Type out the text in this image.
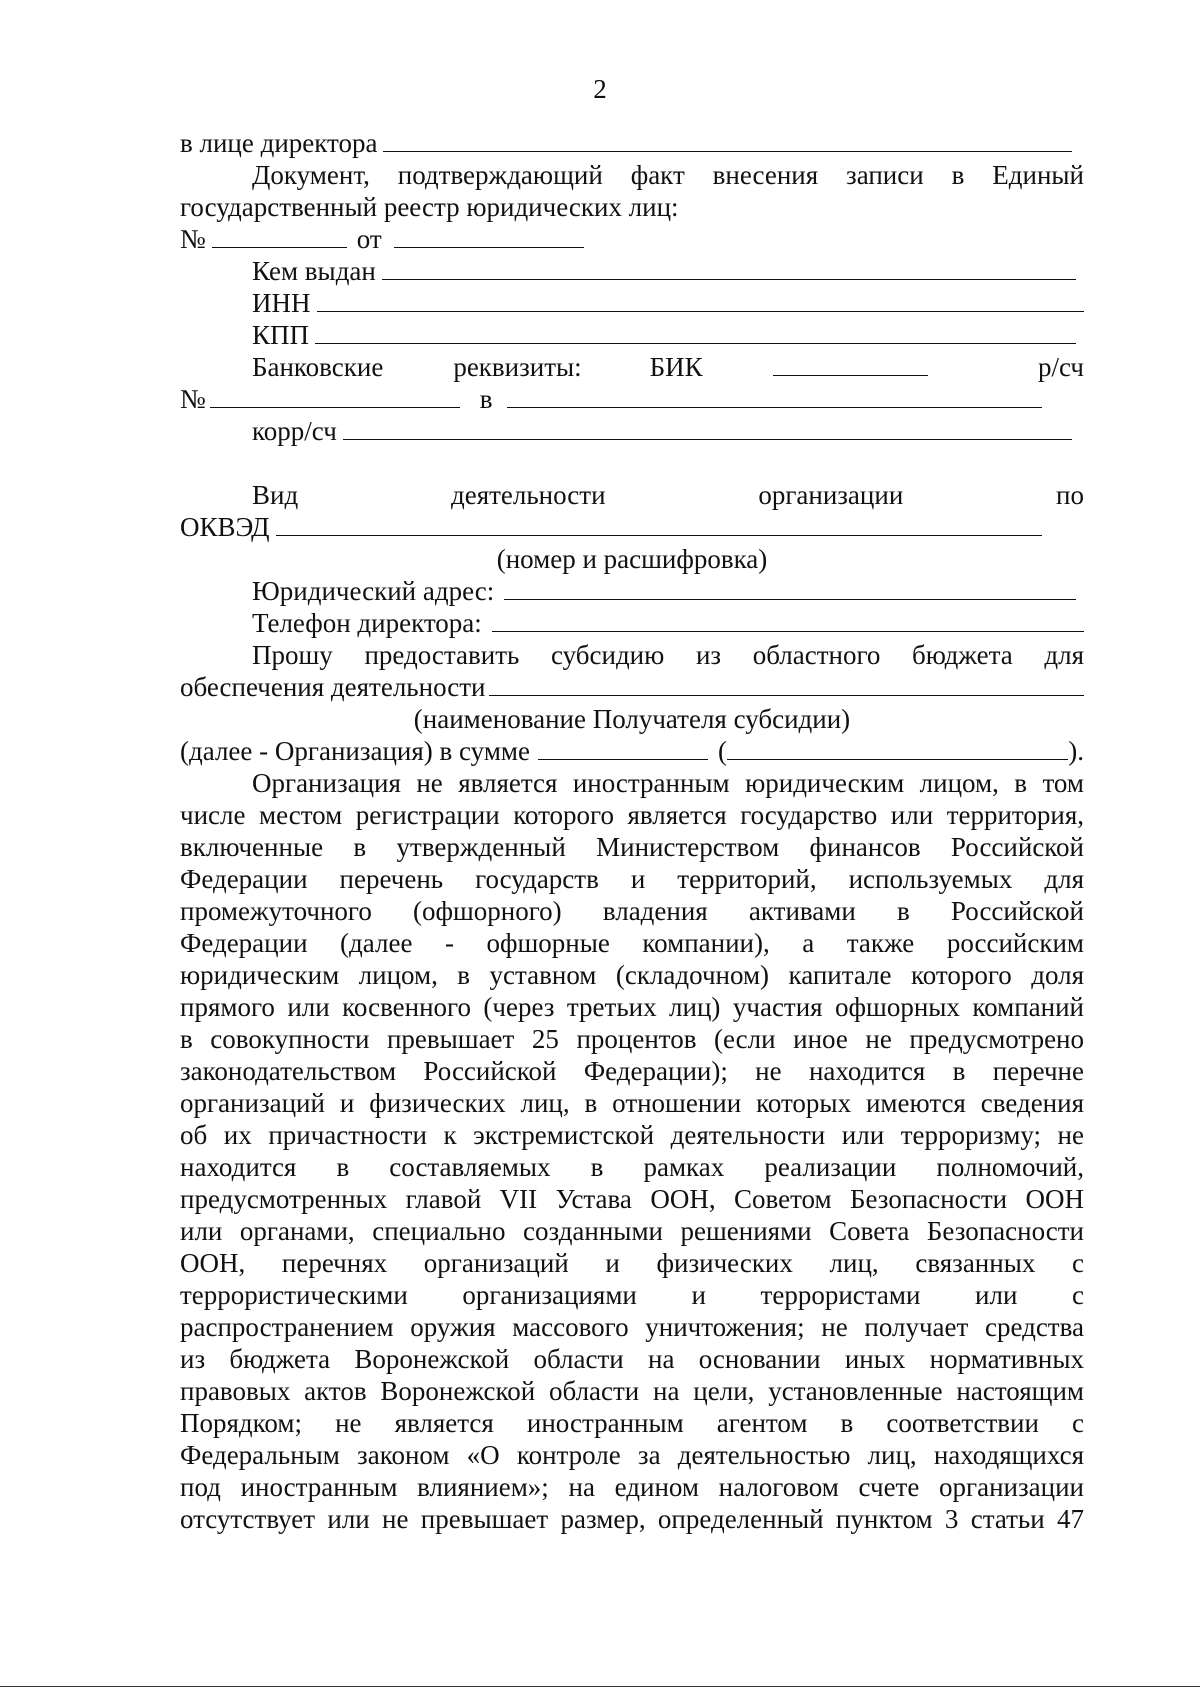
2
в лице директора
Документ, подтверждающий факт внесения записи в Единый
государственный реестр юридических лиц:
№	от
Кем выдан
ИНН
КПП
Банковские	реквизиты:	БИК	р/сч
№	в
корр/сч
Вид	деятельности	организации	по
ОКВЭД
(номер и расшифровка)
Юридический адрес:
Телефон директора:
Прошу предоставить субсидию из областного бюджета для
обеспечения деятельности
(наименование Получателя субсидии)
(далее - Организация) в сумме	(	).
Организация не является иностранным юридическим лицом, в том
числе местом регистрации которого является государство или территория,
включенные в утвержденный Министерством финансов Российской
Федерации перечень государств и территорий, используемых для
промежуточного (офшорного) владения активами в Российской
Федерации (далее - офшорные компании), а также российским
юридическим лицом, в уставном (складочном) капитале которого доля
прямого или косвенного (через третьих лиц) участия офшорных компаний
в совокупности превышает 25 процентов (если иное не предусмотрено
законодательством Российской Федерации); не находится в перечне
организаций и физических лиц, в отношении которых имеются сведения
об их причастности к экстремистской деятельности или терроризму; не
находится в составляемых в рамках реализации полномочий,
предусмотренных главой VII Устава ООН, Советом Безопасности ООН
или органами, специально созданными решениями Совета Безопасности
ООН, перечнях организаций и физических лиц, связанных с
террористическими организациями и террористами или с
распространением оружия массового уничтожения; не получает средства
из бюджета Воронежской области на основании иных нормативных
правовых актов Воронежской области на цели, установленные настоящим
Порядком; не является иностранным агентом в соответствии с
Федеральным законом «О контроле за деятельностью лиц, находящихся
под иностранным влиянием»; на едином налоговом счете организации
отсутствует или не превышает размер, определенный пунктом 3 статьи 47
